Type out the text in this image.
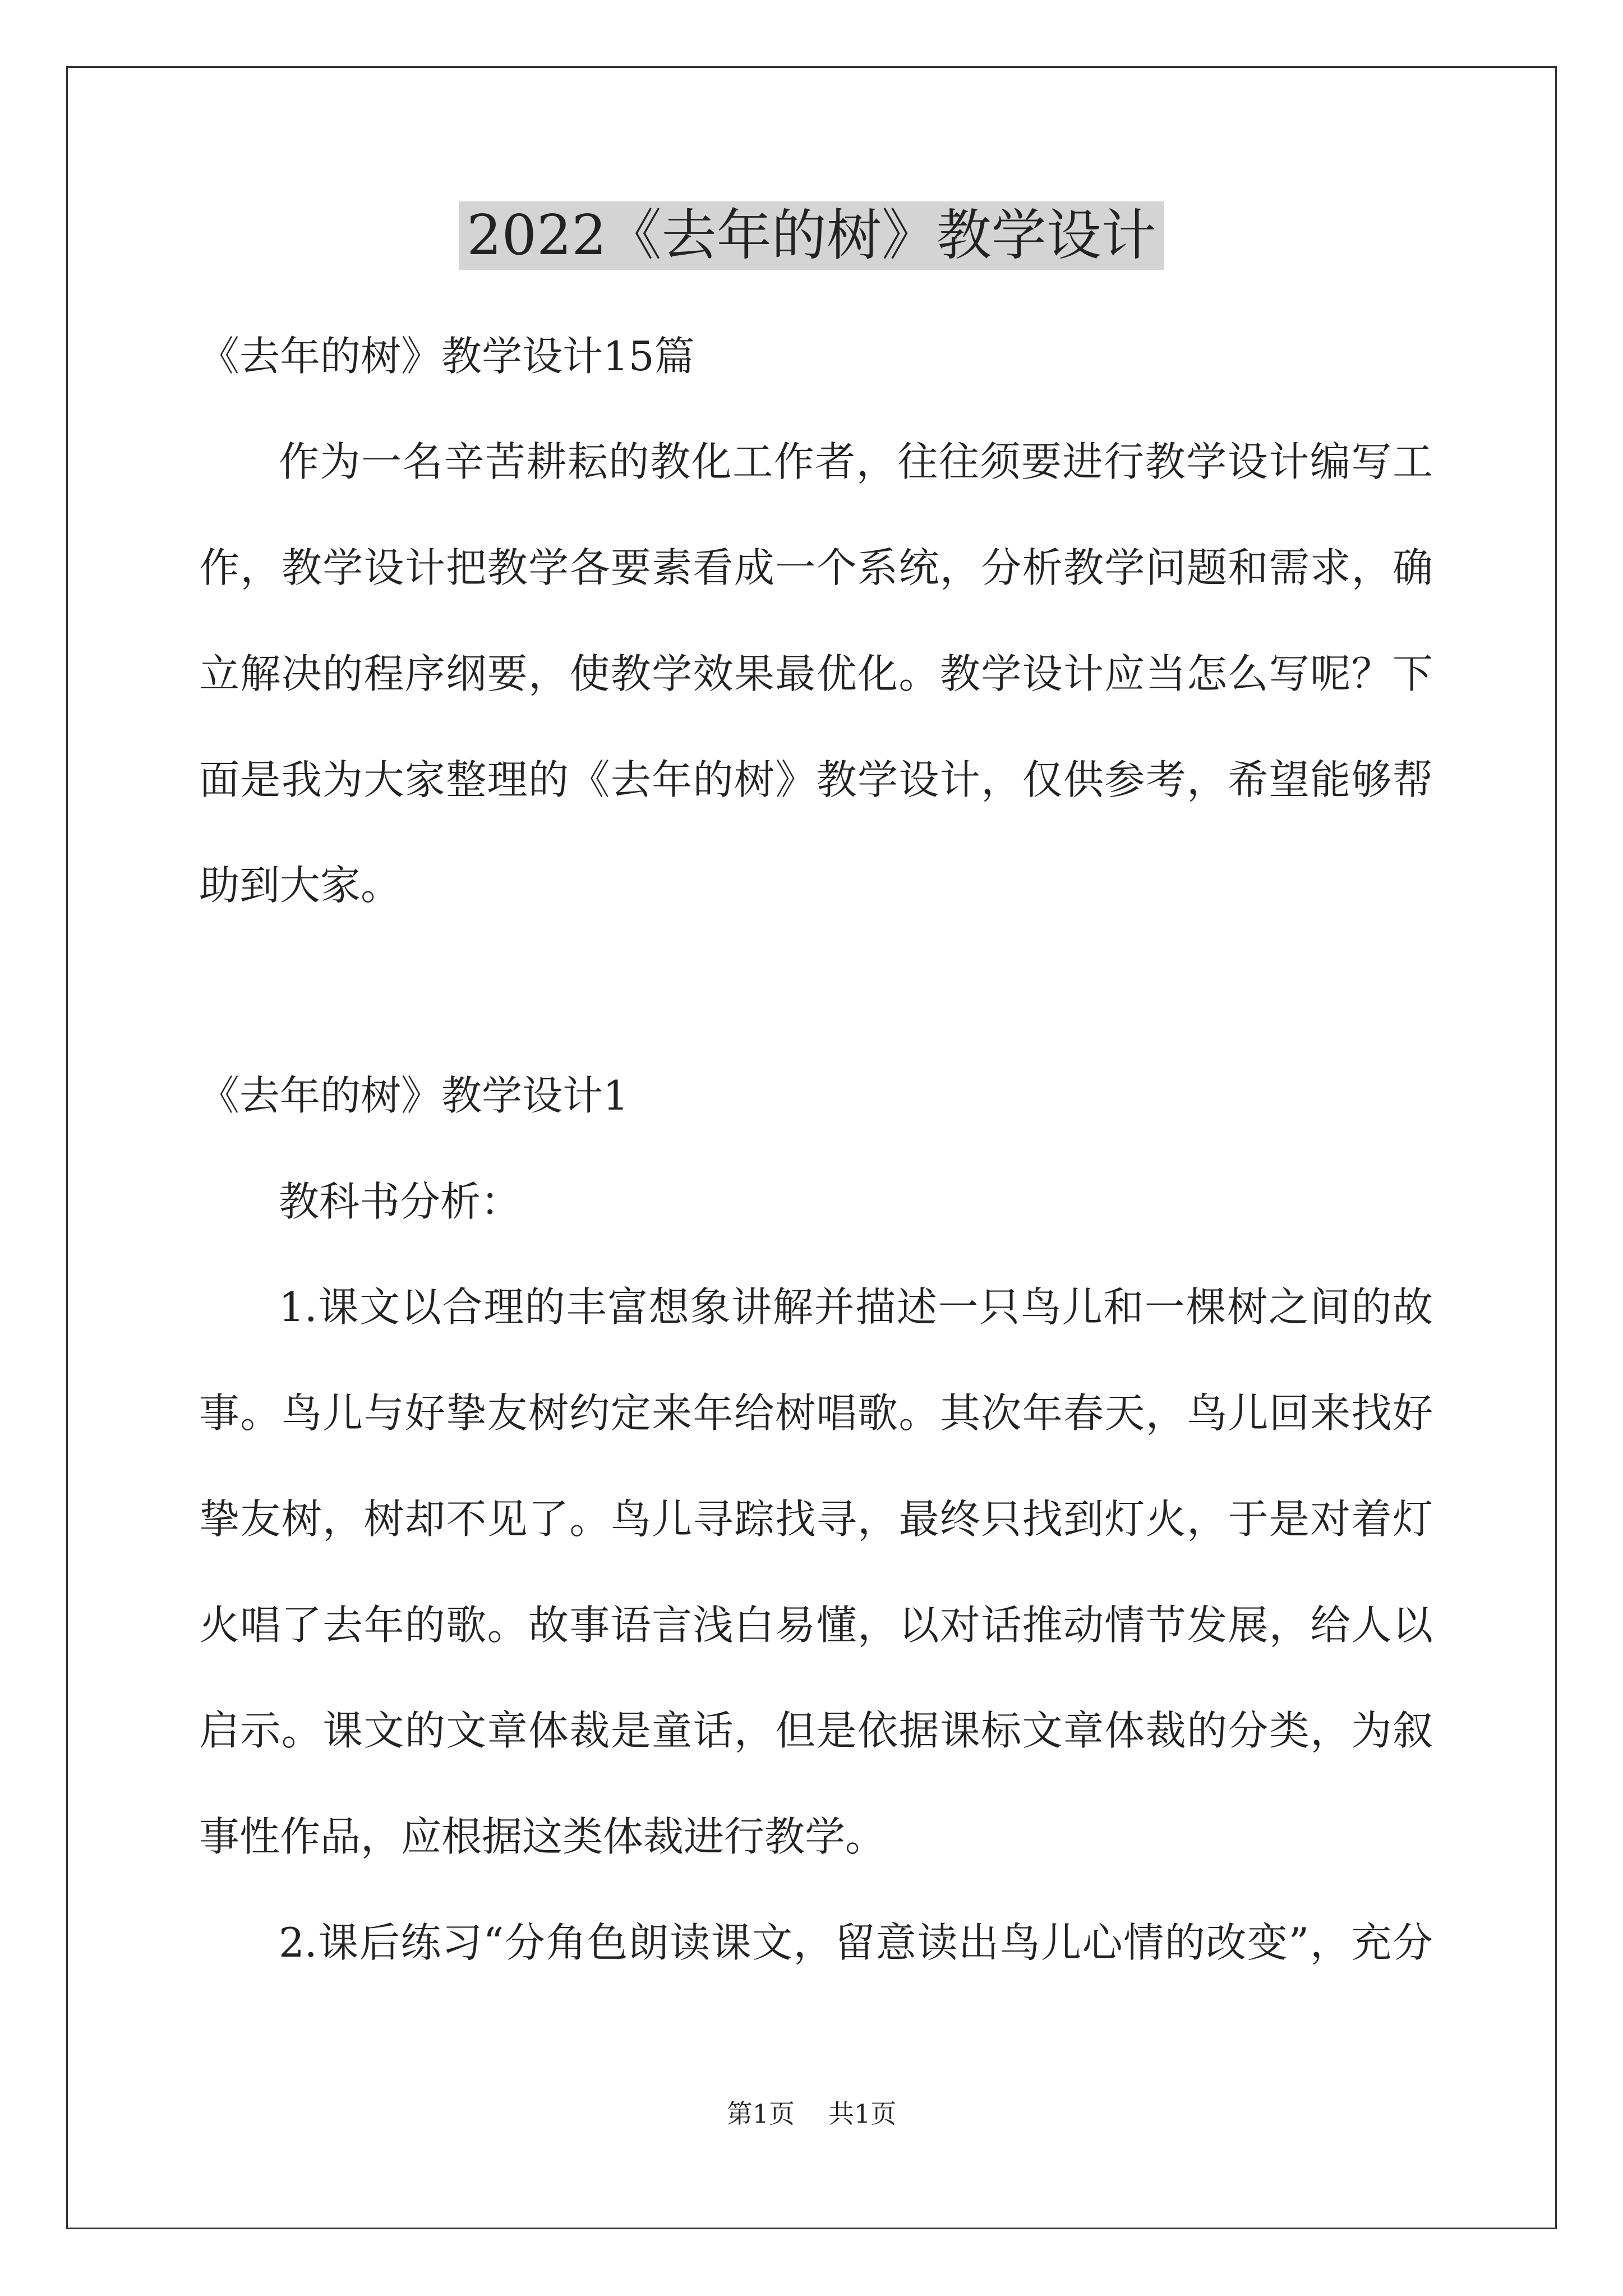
2022《去年的树》教学设计

《去年的树》教学设计15篇

作为一名辛苦耕耘的教化工作者，往往须要进行教学设计编写工

作，教学设计把教学各要素看成一个系统，分析教学问题和需求，确

立解决的程序纲要，使教学效果最优化。教学设计应当怎么写呢？下

面是我为大家整理的《去年的树》教学设计，仅供参考，希望能够帮

助到大家。

《去年的树》教学设计1

教科书分析：

1.课文以合理的丰富想象讲解并描述一只鸟儿和一棵树之间的故

事。鸟儿与好挚友树约定来年给树唱歌。其次年春天，鸟儿回来找好

挚友树，树却不见了。鸟儿寻踪找寻，最终只找到灯火，于是对着灯

火唱了去年的歌。故事语言浅白易懂，以对话推动情节发展，给人以

启示。课文的文章体裁是童话，但是依据课标文章体裁的分类，为叙

事性作品，应根据这类体裁进行教学。

2.课后练习“分角色朗读课文，留意读出鸟儿心情的改变”，充分

第1页 共1页
